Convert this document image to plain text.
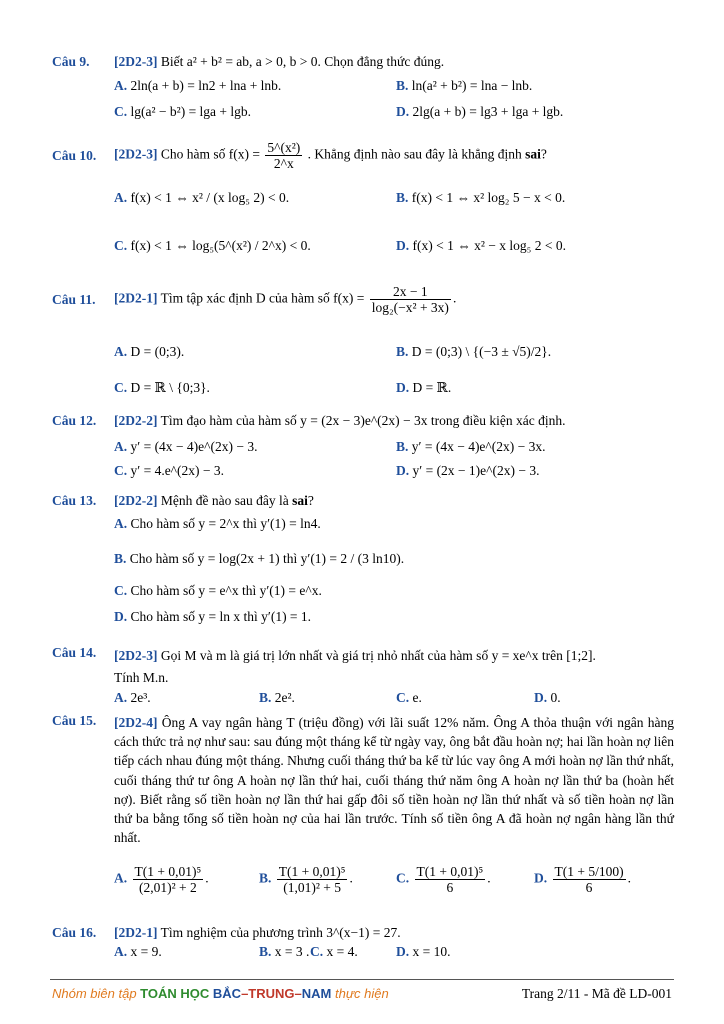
Câu 9. [2D2-3] Biết a² + b² = ab, a > 0, b > 0. Chọn đẳng thức đúng.
A. 2ln(a + b) = ln2 + lna + lnb.	B. ln(a² + b²) = lna − lnb.
C. lg(a² − b²) = lga + lgb.	D. 2lg(a + b) = lg3 + lga + lgb.
Câu 10. [2D2-3] Cho hàm số $f(x) = \frac{\text{5\textasciicircum{}(x²)}}{2\^{}x}$ . Khẳng định nào sau đây là khẳng định sai?
A. f(x) < 1 ⇔ x² / (x log₅ 2) < 0.	B. f(x) < 1 ⇔ x² log₂ 5 − x < 0.
C. f(x) < 1 ⇔ log₅(5^(x²) / 2^x) < 0.	D. f(x) < 1 ⇔ x² − x log₅ 2 < 0.
Câu 11. [2D2-1] Tìm tập xác định D của hàm số $f(x) = \frac{2x - 1}{\text{log₂(−x² + 3x)}}$ .
A. D = (0;3).	B. D = (0;3) \ {(−3 ± √5)/2}.
C. D = ℝ \ {0;3}.	D. D = ℝ.
Câu 12. [2D2-2] Tìm đạo hàm của hàm số y = (2x − 3)e^(2x) − 3x trong điều kiện xác định.
A. y′ = (4x − 4)e^(2x) − 3.	B. y′ = (4x − 4)e^(2x) − 3x.
C. y′ = 4.e^(2x) − 3.	D. y′ = (2x − 1)e^(2x) − 3.
Câu 13. [2D2-2] Mệnh đề nào sau đây là sai?
A. Cho hàm số y = 2^x thì y′(1) = ln4.
B. Cho hàm số y = log(2x + 1) thì y′(1) = 2 / (3 ln10).
C. Cho hàm số y = e^x thì y′(1) = e^x.
D. Cho hàm số y = ln x thì y′(1) = 1.
Câu 14. [2D2-3] Gọi M và m là giá trị lớn nhất và giá trị nhỏ nhất của hàm số y = xe^x trên [1;2].
Tính M.n.
A. 2e³.	B. 2e².	C. e.	D. 0.
Câu 15. [2D2-4] Ông A vay ngân hàng T (triệu đồng) với lãi suất 12% năm. Ông A thỏa thuận với ngân hàng cách thức trả nợ như sau: sau đúng một tháng kể từ ngày vay, ông bắt đầu hoàn nợ; hai lần hoàn nợ liên tiếp cách nhau đúng một tháng. Nhưng cuối tháng thứ ba kể từ lúc vay ông A mới hoàn nợ lần thứ nhất, cuối tháng thứ tư ông A hoàn nợ lần thứ hai, cuối tháng thứ năm ông A hoàn nợ lần thứ ba (hoàn hết nợ). Biết rằng số tiền hoàn nợ lần thứ hai gấp đôi số tiền hoàn nợ lần thứ nhất và số tiền hoàn nợ lần thứ ba bằng tổng số tiền hoàn nợ của hai lần trước. Tính số tiền ông A đã hoàn nợ ngân hàng lần thứ nhất.
A. $\frac{\text{T(1 + 0,01)⁵}}{\text{(2,01)² + 2}}$ .	B. $\frac{\text{T(1 + 0,01)⁵}}{\text{(1,01)² + 5}}$ .	C. $\frac{\text{T(1 + 0,01)⁵}}{6}$ .	D. $\frac{T(1 + 5/100)}{6}$ .
Câu 16. [2D2-1] Tìm nghiệm của phương trình 3^(x−1) = 27.
A. x = 9.	B. x = 3 . C. x = 4.	D. x = 10.
Nhóm biên tập TOÁN HỌC BẮC–TRUNG–NAM thực hiện	Trang 2/11 - Mã đề LD-001
